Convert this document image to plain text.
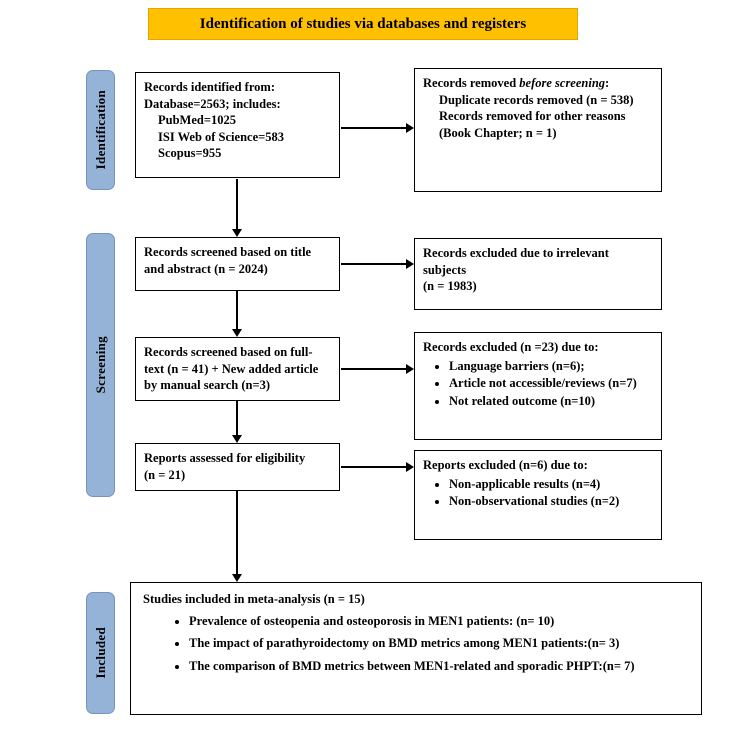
Identification of studies via databases and registers
Identification
Screening
Included
Records identified from:
Database=2563; includes:
PubMed=1025
ISI Web of Science=583
Scopus=955
Records removed before screening:
Duplicate records removed (n = 538)
Records removed for other reasons (Book Chapter; n = 1)
Records screened based on title and abstract (n = 2024)
Records excluded due to irrelevant subjects
(n = 1983)
Records screened based on full-text (n = 41) + New added article by manual search (n=3)
Records excluded (n =23) due to:
• Language barriers (n=6);
• Article not accessible/reviews (n=7)
• Not related outcome (n=10)
Reports assessed for eligibility
(n = 21)
Reports excluded (n=6) due to:
• Non-applicable results (n=4)
• Non-observational studies (n=2)
Studies included in meta-analysis (n = 15)
• Prevalence of osteopenia and osteoporosis in MEN1 patients: (n= 10)
• The impact of parathyroidectomy on BMD metrics among MEN1 patients:(n= 3)
• The comparison of BMD metrics between MEN1-related and sporadic PHPT:(n= 7)
